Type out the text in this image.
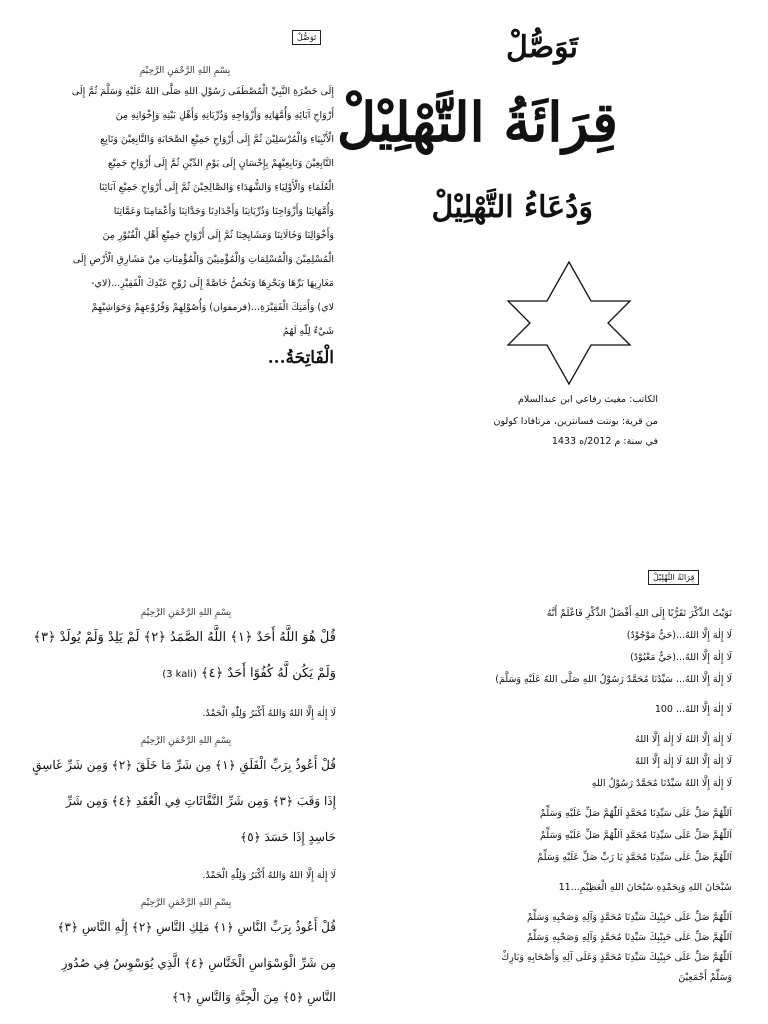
تَوَصُّلْ
قِرَائَةُ التَّهْلِيْلْ
وَدُعَاءُ التَّهْلِيْلْ
الكاتب: مغيث رفاعي ابن عبدالسلام
من قرية: بونتت فسانترين، مرتافادا كولون
في سنة: م 2012/ه 1433
تَوَصُّلْ
بِسْمِ اللهِ الرَّحْمَنِ الرَّحِيْمِ
إِلَى حَضْرَةِ النَّبِيِّ الْمُصْطَفَى رَسُوْلِ اللهِ صَلَّى اللهُ عَلَيْهِ وَسَلَّمَ ثُمَّ إِلَى
أَرْوَاحِ آبَائِهِ وَأُمَّهَاتِهِ وَأَزْوَاجِهِ وَذُرِّيَاتِهِ وَأَهْلِ بَيْتِهِ وَإِخْوَانِهِ مِنَ
الْأَنْبِيَاءِ وَالْمُرْسَلِيْنَ ثُمَّ إِلَى أَرْوَاحِ جَمِيْعِ الصَّحَابَةِ وَالتَّابِعِيْنَ وَتَابِعِ
التَّابِعِيْنَ وَتَابِعِيْهِمْ بِإِحْسَانٍ إِلَى يَوْمِ الدِّيْنِ ثُمَّ إِلَى أَرْوَاحِ جَمِيْعِ
الْعُلَمَاءِ وَالْأَوْلِيَاءِ وَالشُّهَدَاءِ وَالصَّالِحِيْنَ ثُمَّ إِلَى أَرْوَاحِ جَمِيْعِ آبَائِنَا
وَأُمَّهَاتِنَا وَأَزْوَاجِنَا وَذُرِّيَاتِنَا وَأَجْدَادِنَا وَجَدَّاتِنَا وَأَعْمَامِنَا وَعَمَّاتِنَا
وَأَخْوَالِنَا وَخَالَاتِنَا وَمَشَايِخِنَا ثُمَّ إِلَى أَرْوَاحِ جَمِيْعِ أَهْلِ الْقُبُوْرِ مِنَ
الْمُسْلِمِيْنَ وَالْمُسْلِمَاتِ وَالْمُؤْمِنِيْنَ وَالْمُؤْمِنَاتِ مِنْ مَشَارِقِ الْأَرْضِ إِلَى
مَغَارِبِهَا بَرِّهَا وَبَحْرِهَا وَنَخُصُّ خَاصَّةً إِلَى رُوْحِ عَبْدِكَ الْفَقِيْرِ...(لاي-
لاي) وَأَمَتِكَ الْفَقِيْرَةِ...(فرمفوان) وَأُصُوْلِهِمْ وَفُرُوْعِهِمْ وَحَوَاشِيْهِمْ
شَيْءٌ لِلّٰهِ لَهُمُ
الْفَاتِحَةُ...
قِرَائَةُ التَّهْلِيْلْ
نَوَيْتُ الذِّكْرَ تَقَرُّبًا إِلَى اللهِ أَفْضَلُ الذِّكْرِ فَاعْلَمْ أَنَّهُ
لَا إِلٰهَ إِلَّا اللهُ...(حَيٌّ مَوْجُوْدٌ)
لَا إِلٰهَ إِلَّا اللهُ...(حَيٌّ مَعْبُوْدٌ)
لَا إِلٰهَ إِلَّا اللهُ... سَيِّدُنَا مُحَمَّدٌ رَسُوْلُ اللهِ صَلَّى اللهُ عَلَيْهِ وَسَلَّمَ)
لَا إِلٰهَ إِلَّا اللهُ... 100
لَا إِلٰهَ إِلَّا اللهُ لَا إِلٰهَ إِلَّا اللهُ
لَا إِلٰهَ إِلَّا اللهُ لَا إِلٰهَ إِلَّا اللهُ
لَا إِلٰهَ إِلَّا اللهُ سَيِّدُنَا مُحَمَّدٌ رَسُوْلُ اللهِ
اَللّٰهُمَّ صَلِّ عَلَى سَيِّدِنَا مُحَمَّدٍ اَللّٰهُمَّ صَلِّ عَلَيْهِ وَسَلِّمْ
اَللّٰهُمَّ صَلِّ عَلَى سَيِّدِنَا مُحَمَّدٍ اَللّٰهُمَّ صَلِّ عَلَيْهِ وَسَلِّمْ
اَللّٰهُمَّ صَلِّ عَلَى سَيِّدِنَا مُحَمَّدٍ يَا رَبِّ صَلِّ عَلَيْهِ وَسَلِّمْ
سُبْحَانَ اللهِ وَبِحَمْدِهِ سُبْحَانَ اللهِ الْعَظِيْمِ...11
اَللّٰهُمَّ صَلِّ عَلَى حَبِيْبِكَ سَيِّدِنَا مُحَمَّدٍ وَآلِهِ وَصَحْبِهِ وَسَلِّمْ
اَللّٰهُمَّ صَلِّ عَلَى حَبِيْبِكَ سَيِّدِنَا مُحَمَّدٍ وَآلِهِ وَصَحْبِهِ وَسَلِّمْ
اَللّٰهُمَّ صَلِّ عَلَى حَبِيْبِكَ سَيِّدِنَا مُحَمَّدٍ وَعَلَى آلِهِ وَأَصْحَابِهِ وَبَارِكْ
وَسَلِّمْ أَجْمَعِيْنَ
بِسْمِ اللهِ الرَّحْمَنِ الرَّحِيْمِ
قُلْ هُوَ اللَّهُ أَحَدٌ ﴿١﴾ اللَّهُ الصَّمَدُ ﴿٢﴾ لَمْ يَلِدْ وَلَمْ يُولَدْ ﴿٣﴾
وَلَمْ يَكُن لَّهُ كُفُوًا أَحَدٌ ﴿٤﴾ (3 kali)
لَا إِلٰهَ إِلَّا اللهُ وَاللهُ أَكْبَرُ وَلِلّٰهِ الْحَمْدُ.
بِسْمِ اللهِ الرَّحْمَنِ الرَّحِيْمِ
قُلْ أَعُوذُ بِرَبِّ الْفَلَقِ ﴿١﴾ مِن شَرِّ مَا خَلَقَ ﴿٢﴾ وَمِن شَرِّ غَاسِقٍ
إِذَا وَقَبَ ﴿٣﴾ وَمِن شَرِّ النَّفَّاثَاتِ فِي الْعُقَدِ ﴿٤﴾ وَمِن شَرِّ
حَاسِدٍ إِذَا حَسَدَ ﴿٥﴾
لَا إِلٰهَ إِلَّا اللهُ وَاللهُ أَكْبَرُ وَلِلّٰهِ الْحَمْدُ.
بِسْمِ اللهِ الرَّحْمَنِ الرَّحِيْمِ
قُلْ أَعُوذُ بِرَبِّ النَّاسِ ﴿١﴾ مَلِكِ النَّاسِ ﴿٢﴾ إِلَٰهِ النَّاسِ ﴿٣﴾
مِن شَرِّ الْوَسْوَاسِ الْخَنَّاسِ ﴿٤﴾ الَّذِي يُوَسْوِسُ فِي صُدُورِ
النَّاسِ ﴿٥﴾ مِنَ الْجِنَّةِ وَالنَّاسِ ﴿٦﴾
